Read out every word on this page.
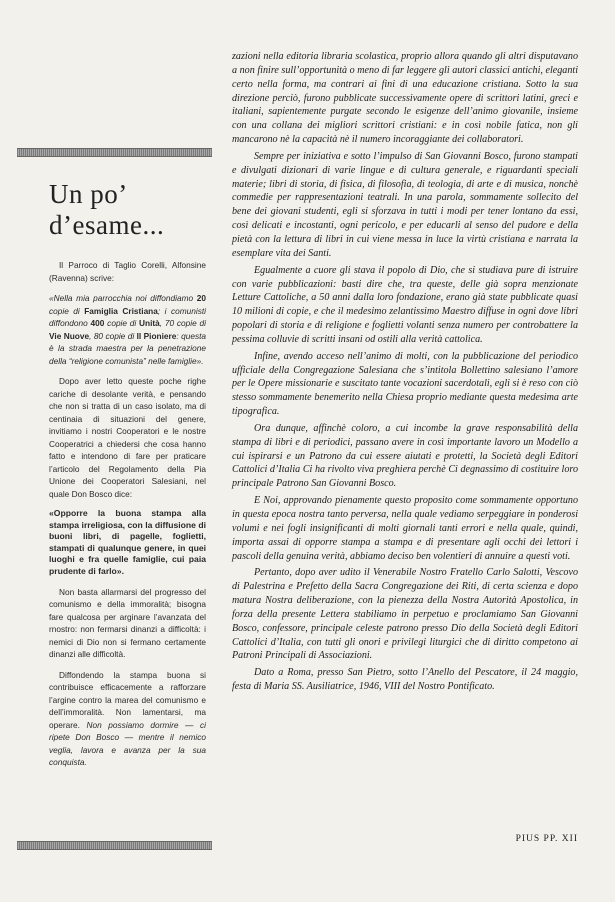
Un po’
d’esame...

Il Parroco di Taglio Corelli, Alfonsine (Ravenna) scrive:

«Nella mia parrocchia noi diffondiamo 20 copie di Famiglia Cristiana; i comunisti diffondono 400 copie di Unità, 70 copie di Vie Nuove, 80 copie di Il Pioniere: questa è la strada maestra per la penetrazione della “religione comunista” nelle famiglie».

Dopo aver letto queste poche righe cariche di desolante verità, e pensando che non si tratta di un caso isolato, ma di centinaia di situazioni del genere, invitiamo i nostri Cooperatori e le nostre Cooperatrici a chiedersi che cosa hanno fatto e intendono di fare per praticare l’articolo del Regolamento della Pia Unione dei Cooperatori Salesiani, nel quale Don Bosco dice:

«Opporre la buona stampa alla stampa irreligiosa, con la diffusione di buoni libri, di pagelle, foglietti, stampati di qualunque genere, in quei luoghi e fra quelle famiglie, cui paia prudente di farlo».

Non basta allarmarsi del progresso del comunismo e della immoralità; bisogna fare qualcosa per arginare l’avanzata del rnostro: non fermarsi dinanzi a difficoltà: i nemici di Dio non si fermano certamente dinanzi alle difficoltà.

Diffondendo la stampa buona si contribuisce efficacemente a rafforzare l’argine contro la marea del comunismo e dell’immoralità. Non lamentarsi, ma operare. Non possiamo dormire — ci ripete Don Bosco — mentre il nemico veglia, lavora e avanza per la sua conquista.

zazioni nella editoria libraria scolastica, proprio allora quando gli altri disputavano a non finire sull’opportunità o meno di far leggere gli autori classici antichi, eleganti certo nella forma, ma contrari ai fini di una educazione cristiana. Sotto la sua direzione perciò, furono pubblicate successivamente opere di scrittori latini, greci e italiani, sapientemente purgate secondo le esigenze dell’animo giovanile, insieme con una collana dei migliori scrittori cristiani: e in così nobile fatica, non gli mancarono nè la capacità nè il numero incoraggiante dei collaboratori.

Sempre per iniziativa e sotto l’impulso di San Giovanni Bosco, furono stampati e divulgati dizionari di varie lingue e di cultura generale, e riguardanti speciali materie; libri di storia, di fisica, di filosofia, di teologia, di arte e di musica, nonchè commedie per rappresentazioni teatrali. In una parola, sommamente sollecito del bene dei giovani studenti, egli si sforzava in tutti i modi per tener lontano da essi, così delicati e incostanti, ogni pericolo, e per educarli al senso del pudore e della pietà con la lettura di libri in cui viene messa in luce la virtù cristiana e narrata la esemplare vita dei Santi.

Egualmente a cuore gli stava il popolo di Dio, che si studiava pure di istruire con varie pubblicazioni: basti dire che, tra queste, delle già sopra menzionate Letture Cattoliche, a 50 anni dalla loro fondazione, erano già state pubblicate quasi 10 milioni di copie, e che il medesimo zelantissimo Maestro diffuse in ogni dove libri popolari di storia e di religione e foglietti volanti senza numero per controbattere la pessima colluvie di scritti insani od ostili alla verità cattolica.

Infine, avendo acceso nell’animo di molti, con la pubblicazione del periodico ufficiale della Congregazione Salesiana che s’intitola Bollettino salesiano l’amore per le Opere missionarie e suscitato tante vocazioni sacerdotali, egli si è reso con ciò stesso sommamente benemerito nella Chiesa proprio mediante questa medesima arte tipografica.

Ora dunque, affinchè coloro, a cui incombe la grave responsabilità della stampa di libri e di periodici, passano avere in così importante lavoro un Modello a cui ispirarsi e un Patrono da cui essere aiutati e protetti, la Società degli Editori Cattolici d’Italia Ci ha rivolto viva preghiera perchè Ci degnassimo di costituire loro principale Patrono San Giovanni Bosco.

E Noi, approvando pienamente questo proposito come sommamente opportuno in questa epoca nostra tanto perversa, nella quale vediamo serpeggiare in ponderosi volumi e nei fogli insignificanti di molti giornali tanti errori e nella quale, quindi, importa assai di opporre stampa a stampa e di presentare agli occhi dei lettori i pascoli della genuina verità, abbiamo deciso ben volentieri di annuire a questi voti.

Pertanto, dopo aver udito il Venerabile Nostro Fratello Carlo Salotti, Vescovo di Palestrina e Prefetto della Sacra Congregazione dei Riti, di certa scienza e dopo matura Nostra deliberazione, con la pienezza della Nostra Autorità Apostolica, in forza della presente Lettera stabiliamo in perpetuo e proclamiamo San Giovanni Bosco, confessore, principale celeste patrono presso Dio della Società degli Editori Cattolici d’Italia, con tutti gli onori e privilegi liturgici che di diritto competono ai Patroni Principali di Associazioni.

Dato a Roma, presso San Pietro, sotto l’Anello del Pescatore, il 24 maggio, festa di Maria SS. Ausiliatrice, 1946, VIII del Nostro Pontificato.

PIUS PP. XII
